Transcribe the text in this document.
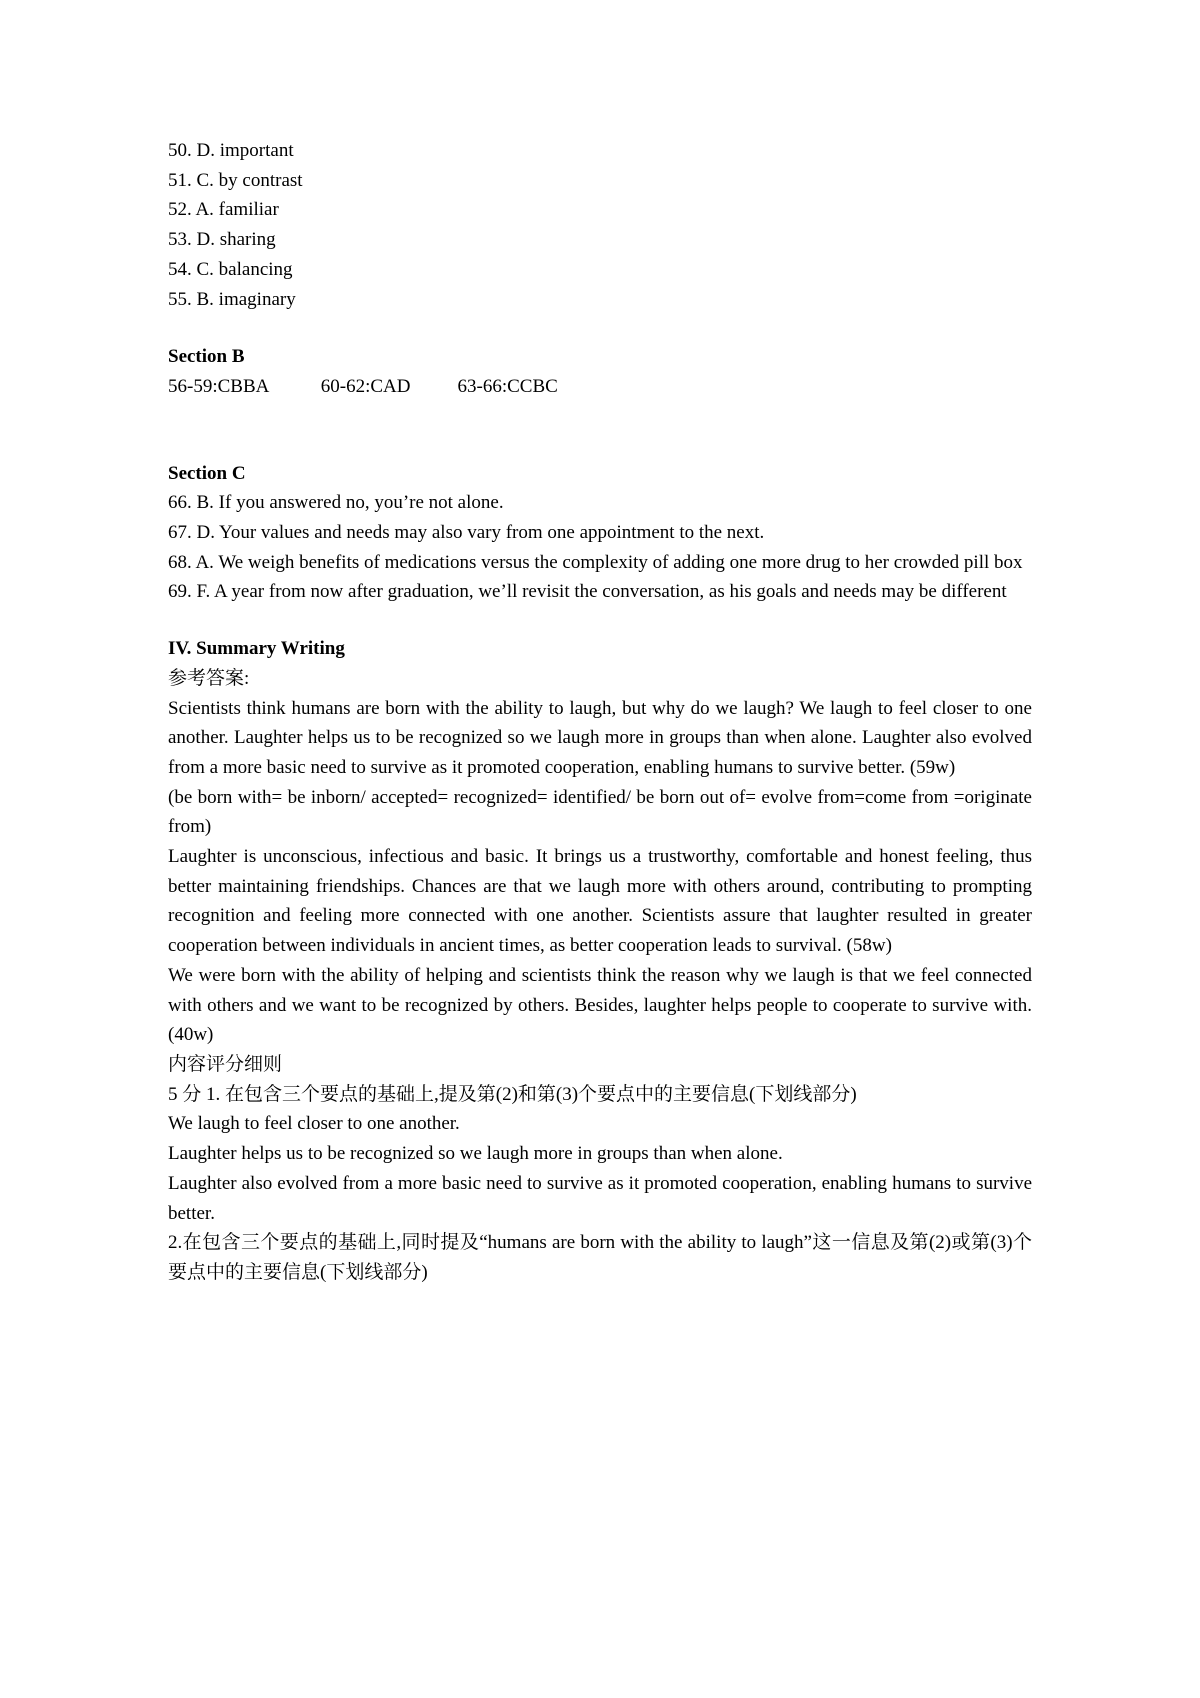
50. D. important
51. C. by contrast
52. A. familiar
53. D. sharing
54. C. balancing
55. B. imaginary
Section B
56-59:CBBA	60-62:CAD 63-66:CCBC
Section C
66. B. If you answered no, you’re not alone.
67. D. Your values and needs may also vary from one appointment to the next.
68. A. We weigh benefits of medications versus the complexity of adding one more drug to her crowded pill box
69. F. A year from now after graduation, we’ll revisit the conversation, as his goals and needs may be different
IV. Summary Writing
参考答案:
Scientists think humans are born with the ability to laugh, but why do we laugh? We laugh to feel closer to one another. Laughter helps us to be recognized so we laugh more in groups than when alone. Laughter also evolved from a more basic need to survive as it promoted cooperation, enabling humans to survive better. (59w)
(be born with= be inborn/ accepted= recognized= identified/ be born out of= evolve from=come from =originate from)
Laughter is unconscious, infectious and basic. It brings us a trustworthy, comfortable and honest feeling, thus better maintaining friendships. Chances are that we laugh more with others around, contributing to prompting recognition and feeling more connected with one another. Scientists assure that laughter resulted in greater cooperation between individuals in ancient times, as better cooperation leads to survival. (58w)
We were born with the ability of helping and scientists think the reason why we laugh is that we feel connected with others and we want to be recognized by others. Besides, laughter helps people to cooperate to survive with. (40w)
内容评分细则
5 分 1. 在包含三个要点的基础上,提及第(2)和第(3)个要点中的主要信息(下划线部分)
We laugh to feel closer to one another.
Laughter helps us to be recognized so we laugh more in groups than when alone.
Laughter also evolved from a more basic need to survive as it promoted cooperation, enabling humans to survive better.
2.在包含三个要点的基础上,同时提及“humans are born with the ability to laugh”这一信息及第(2)或第(3)个要点中的主要信息(下划线部分)
